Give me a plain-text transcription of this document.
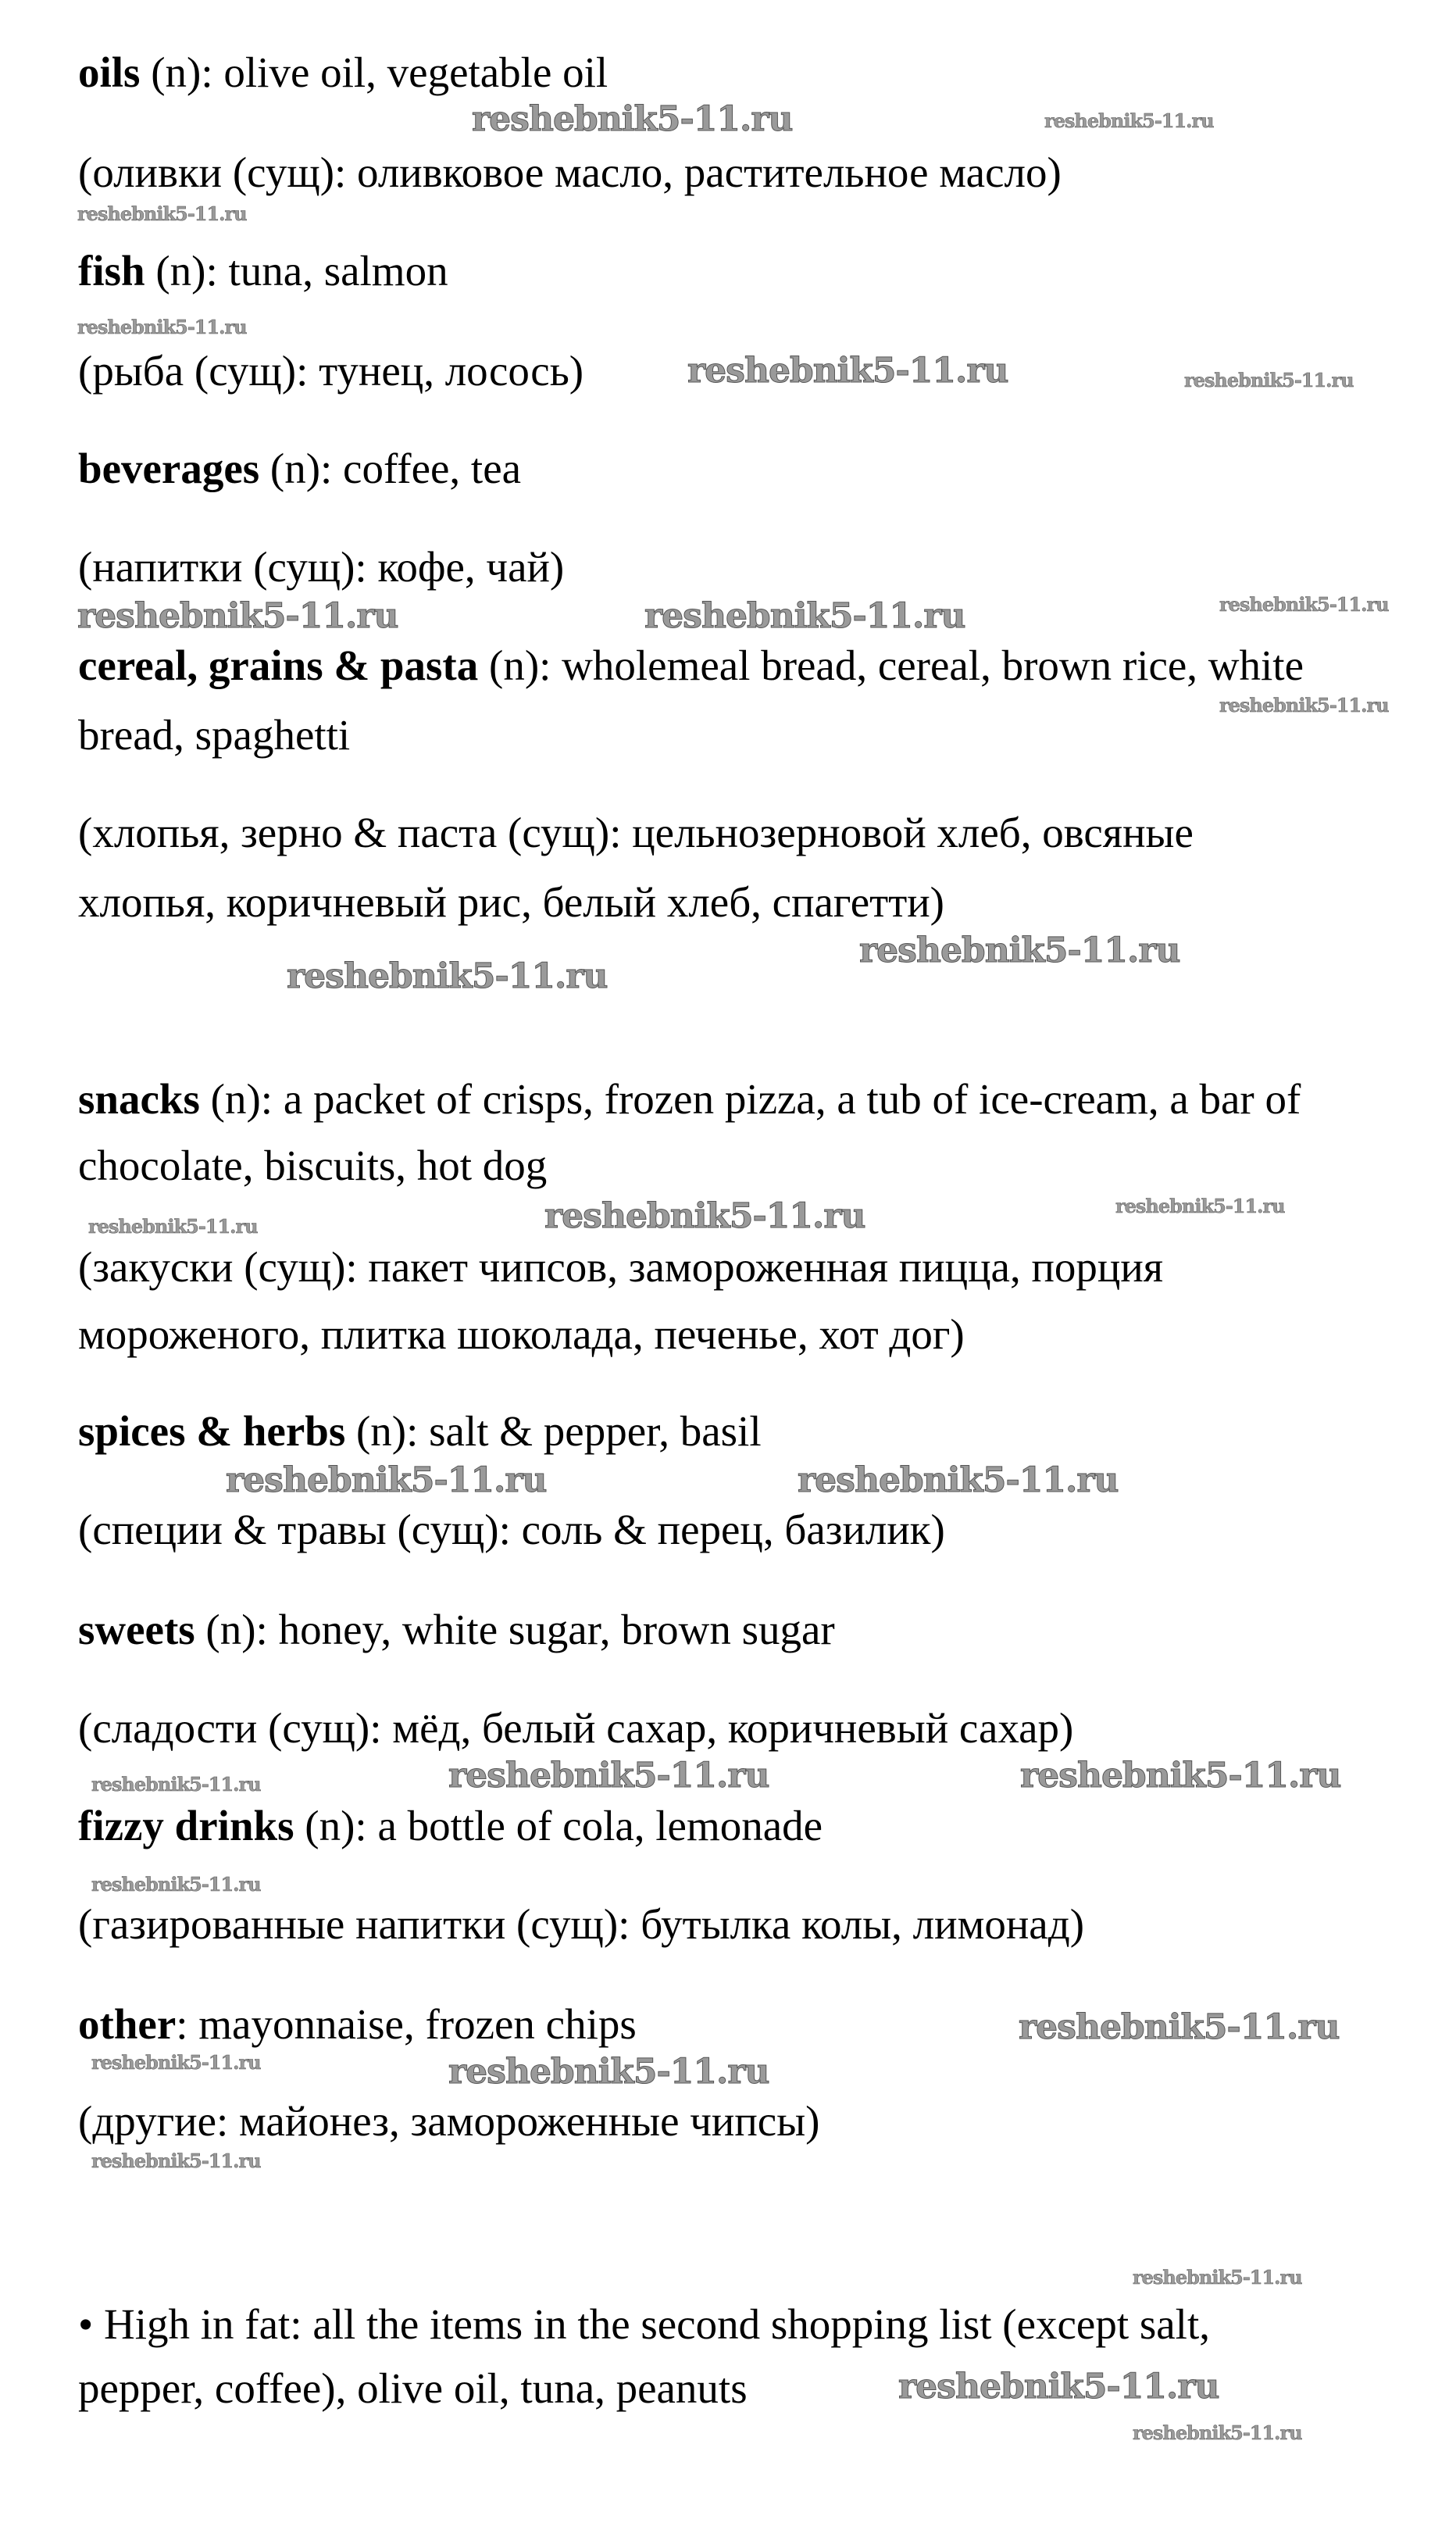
oils (n): olive oil, vegetable oil
(оливки (сущ): оливковое масло, растительное масло)
fish (n): tuna, salmon
(рыба (сущ): тунец, лосось)
beverages (n): coffee, tea
(напитки (сущ): кофе, чай)
cereal, grains & pasta (n): wholemeal bread, cereal, brown rice, white
bread, spaghetti
(хлопья, зерно & паста (сущ): цельнозерновой хлеб, овсяные
хлопья, коричневый рис, белый хлеб, спагетти)
snacks (n): a packet of crisps, frozen pizza, a tub of ice-cream, a bar of
chocolate, biscuits, hot dog
(закуски (сущ): пакет чипсов, замороженная пицца, порция
мороженого, плитка шоколада, печенье, хот дог)
spices & herbs (n): salt & pepper, basil
(специи & травы (сущ): соль & перец, базилик)
sweets (n): honey, white sugar, brown sugar
(сладости (сущ): мёд, белый сахар, коричневый сахар)
fizzy drinks (n): a bottle of cola, lemonade
(газированные напитки (сущ): бутылка колы, лимонад)
other: mayonnaise, frozen chips
(другие: майонез, замороженные чипсы)
• High in fat: all the items in the second shopping list (except salt,
pepper, coffee), olive oil, tuna, peanuts
reshebnik5-11.ru	reshebnik5-11.ru
reshebnik5-11.ru
reshebnik5-11.ru
reshebnik5-11.ru	reshebnik5-11.ru
reshebnik5-11.ru
reshebnik5-11.ru	reshebnik5-11.ru
reshebnik5-11.ru
reshebnik5-11.ru
reshebnik5-11.ru
reshebnik5-11.ru
reshebnik5-11.ru	reshebnik5-11.ru
reshebnik5-11.ru	reshebnik5-11.ru
reshebnik5-11.ru	reshebnik5-11.ru
reshebnik5-11.ru
reshebnik5-11.ru
reshebnik5-11.ru
reshebnik5-11.ru	reshebnik5-11.ru
reshebnik5-11.ru
reshebnik5-11.ru
reshebnik5-11.ru
reshebnik5-11.ru
